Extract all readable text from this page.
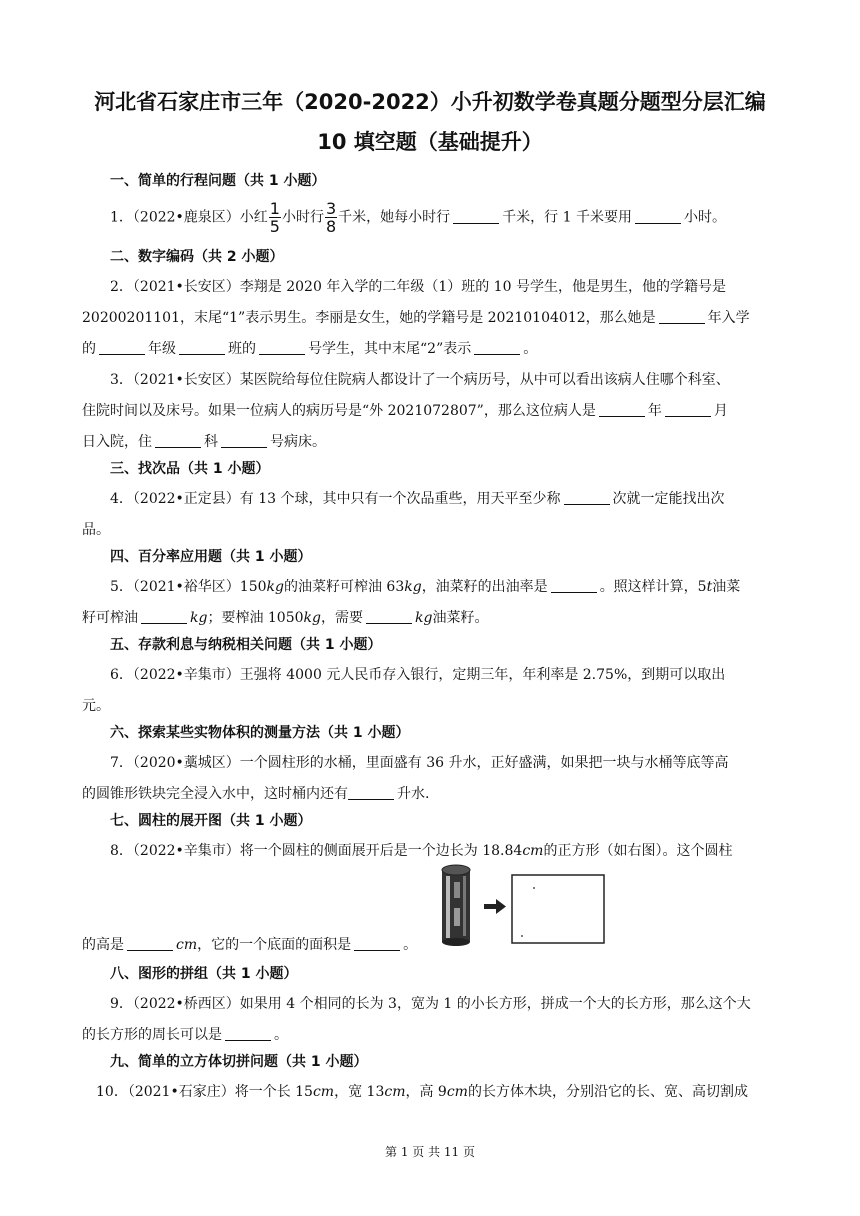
河北省石家庄市三年（2020-2022）小升初数学卷真题分题型分层汇编
10 填空题（基础提升）
一、简单的行程问题（共 1 小题）
1．（2022•鹿泉区）小红 $\frac{1}{5}$ 小时行 $\frac{3}{8}$ 千米，她每小时行	千米，行 1 千米要用	小时。
二、数字编码（共 2 小题）
2．（2021•长安区）李翔是 2020 年入学的二年级（1）班的 10 号学生，他是男生，他的学籍号是
20200201101，末尾“1”表示男生。李丽是女生，她的学籍号是 20210104012，那么她是	年入学
的	年级	班的	号学生，其中末尾“2”表示	。
3．（2021•长安区）某医院给每位住院病人都设计了一个病历号，从中可以看出该病人住哪个科室、
住院时间以及床号。如果一位病人的病历号是“外 2021072807”，那么这位病人是	年	月
日入院，住	科	号病床。
三、找次品（共 1 小题）
4．（2022•正定县）有 13 个球，其中只有一个次品重些，用天平至少称	次就一定能找出次
品。
四、百分率应用题（共 1 小题）
5．（2021•裕华区）150kg的油菜籽可榨油 63kg，油菜籽的出油率是	。照这样计算，5t油菜
籽可榨油	kg；要榨油 1050kg，需要	kg油菜籽。
五、存款利息与纳税相关问题（共 1 小题）
6．（2022•辛集市）王强将 4000 元人民币存入银行，定期三年，年利率是 2.75%，到期可以取出
元。
六、探索某些实物体积的测量方法（共 1 小题）
7．（2020•藁城区）一个圆柱形的水桶，里面盛有 36 升水，正好盛满，如果把一块与水桶等底等高
的圆锥形铁块完全浸入水中，这时桶内还有	升水.
七、圆柱的展开图（共 1 小题）
8．（2022•辛集市）将一个圆柱的侧面展开后是一个边长为 18.84cm的正方形（如右图）。这个圆柱
的高是	cm，它的一个底面的面积是	。
八、图形的拼组（共 1 小题）
9．（2022•桥西区）如果用 4 个相同的长为 3，宽为 1 的小长方形，拼成一个大的长方形，那么这个大
的长方形的周长可以是	。
九、简单的立方体切拼问题（共 1 小题）
10．（2021•石家庄）将一个长 15cm，宽 13cm，高 9cm的长方体木块，分别沿它的长、宽、高切割成
第 1 页 共 11 页
